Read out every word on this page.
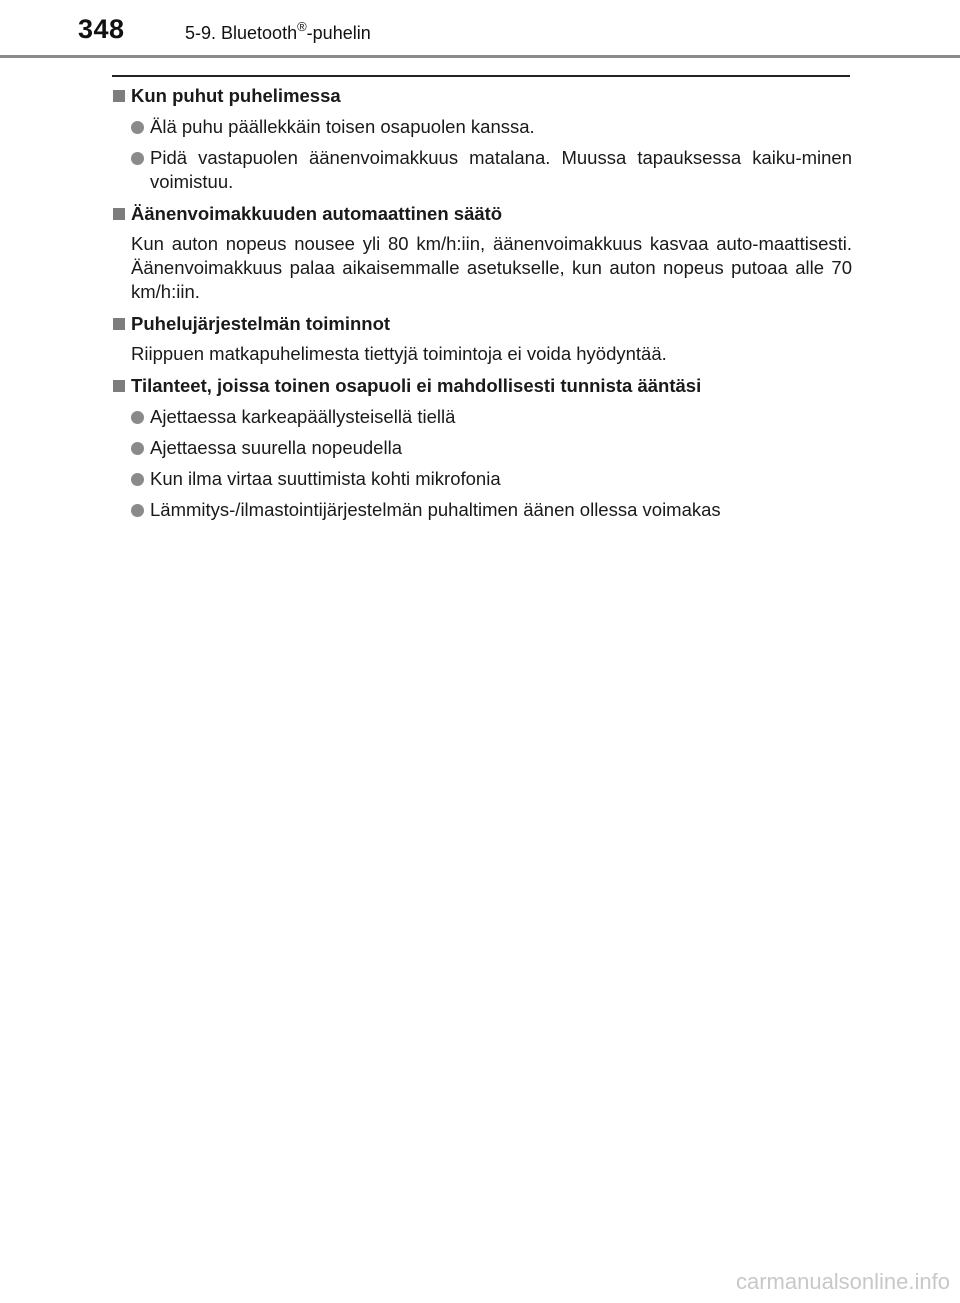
348	5-9. Bluetooth®-puhelin
Kun puhut puhelimessa
Älä puhu päällekkäin toisen osapuolen kanssa.
Pidä vastapuolen äänenvoimakkuus matalana. Muussa tapauksessa kaiku-minen voimistuu.
Äänenvoimakkuuden automaattinen säätö
Kun auton nopeus nousee yli 80 km/h:iin, äänenvoimakkuus kasvaa auto-maattisesti. Äänenvoimakkuus palaa aikaisemmalle asetukselle, kun auton nopeus putoaa alle 70 km/h:iin.
Puhelujärjestelmän toiminnot
Riippuen matkapuhelimesta tiettyjä toimintoja ei voida hyödyntää.
Tilanteet, joissa toinen osapuoli ei mahdollisesti tunnista ääntäsi
Ajettaessa karkeapäällysteisellä tiellä
Ajettaessa suurella nopeudella
Kun ilma virtaa suuttimista kohti mikrofonia
Lämmitys-/ilmastointijärjestelmän puhaltimen äänen ollessa voimakas
carmanualsonline.info
